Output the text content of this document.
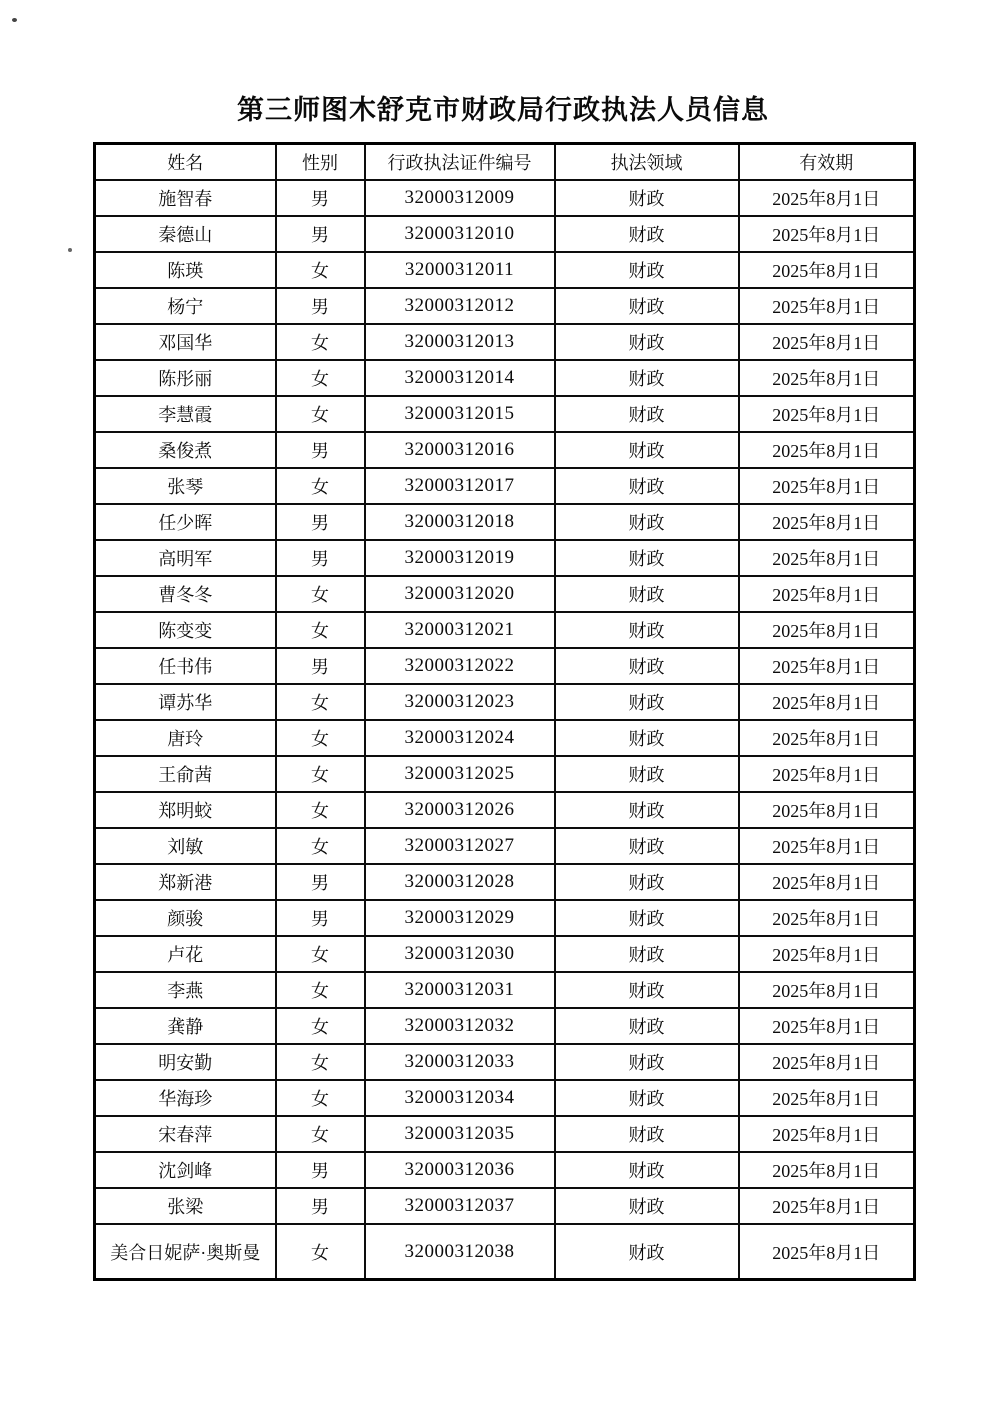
第三师图木舒克市财政局行政执法人员信息
姓名	性别	行政执法证件编号	执法领域	有效期
施智春	男	32000312009	财政	2025年8月1日
秦德山	男	32000312010	财政	2025年8月1日
陈瑛	女	32000312011	财政	2025年8月1日
杨宁	男	32000312012	财政	2025年8月1日
邓国华	女	32000312013	财政	2025年8月1日
陈彤丽	女	32000312014	财政	2025年8月1日
李慧霞	女	32000312015	财政	2025年8月1日
桑俊煮	男	32000312016	财政	2025年8月1日
张琴	女	32000312017	财政	2025年8月1日
任少晖	男	32000312018	财政	2025年8月1日
高明军	男	32000312019	财政	2025年8月1日
曹冬冬	女	32000312020	财政	2025年8月1日
陈变变	女	32000312021	财政	2025年8月1日
任书伟	男	32000312022	财政	2025年8月1日
谭苏华	女	32000312023	财政	2025年8月1日
唐玲	女	32000312024	财政	2025年8月1日
王俞茜	女	32000312025	财政	2025年8月1日
郑明蛟	女	32000312026	财政	2025年8月1日
刘敏	女	32000312027	财政	2025年8月1日
郑新港	男	32000312028	财政	2025年8月1日
颜骏	男	32000312029	财政	2025年8月1日
卢花	女	32000312030	财政	2025年8月1日
李燕	女	32000312031	财政	2025年8月1日
龚静	女	32000312032	财政	2025年8月1日
明安勤	女	32000312033	财政	2025年8月1日
华海珍	女	32000312034	财政	2025年8月1日
宋春萍	女	32000312035	财政	2025年8月1日
沈剑峰	男	32000312036	财政	2025年8月1日
张梁	男	32000312037	财政	2025年8月1日
美合日妮萨·奥斯曼	女	32000312038	财政	2025年8月1日
